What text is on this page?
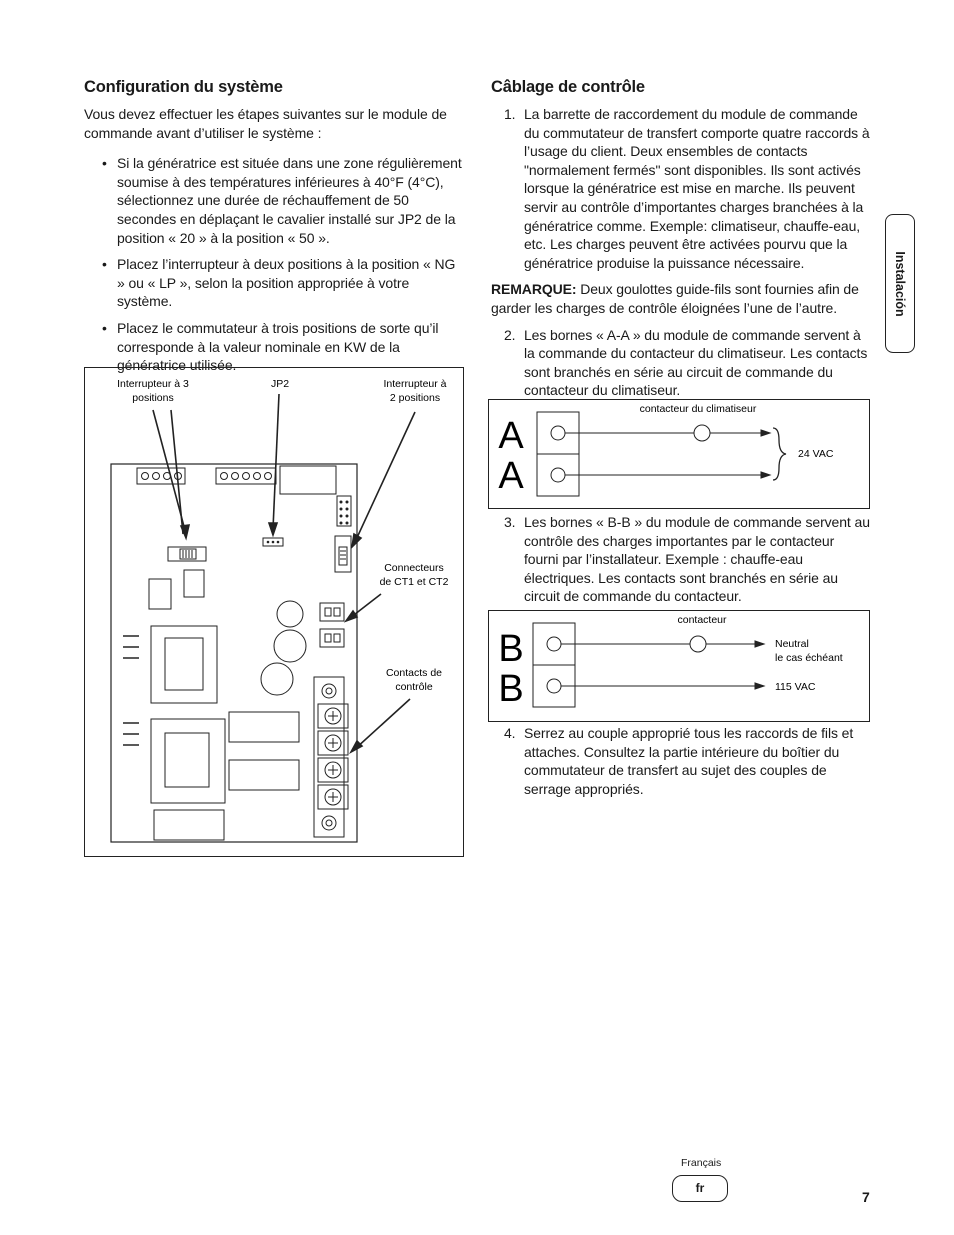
Configuration du système

Vous devez effectuer les étapes suivantes sur le module de commande avant d’utiliser le système :

• Si la génératrice est située dans une zone régulièrement soumise à des températures inférieures à 40°F (4°C), sélectionnez une durée de réchauffement de 50 secondes en déplaçant le cavalier installé sur JP2 de la position « 20 » à la position « 50 ».
• Placez l’interrupteur à deux positions à la position « NG » ou « LP », selon la position appropriée à votre système.
• Placez le commutateur à trois positions de sorte qu’il corresponde à la valeur nominale en KW de la génératrice utilisée.
Interrupteur à 3
positions
JP2	Interrupteur à
2 positions
Connecteurs
de CT1 et CT2
Contacts de
contrôle
Câblage de contrôle
1. La barrette de raccordement du module de commande du commutateur de transfert comporte quatre raccords à l’usage du client. Deux ensembles de contacts "normalement fermés" sont disponibles. Ils sont activés lorsque la génératrice est mise en marche. Ils peuvent servir au contrôle d’importantes charges branchées à la génératrice comme. Exemple: climatiseur, chauffe-eau, etc. Les charges peuvent être activées pourvu que la génératrice produise la puissance nécessaire.

REMARQUE: Deux goulottes guide-fils sont fournies afin de garder les charges de contrôle éloignées l’une de l’autre.

2. Les bornes « A-A » du module de commande servent à la commande du contacteur du climatiseur. Les contacts sont branchés en série au circuit de commande du contacteur du climatiseur.
A
A
contacteur du climatiseur
24 VAC
3. Les bornes « B-B » du module de commande servent au contrôle des charges importantes par le contacteur fourni par l’installateur. Exemple : chauffe-eau électriques. Les contacts sont branchés en série au circuit de commande du contacteur.
B
B
contacteur
Neutral
le cas échéant
115 VAC
4. Serrez au couple approprié tous les raccords de fils et attaches. Consultez la partie intérieure du boîtier du commutateur de transfert au sujet des couples de serrage appropriés.
Instalación
Français
fr
7
